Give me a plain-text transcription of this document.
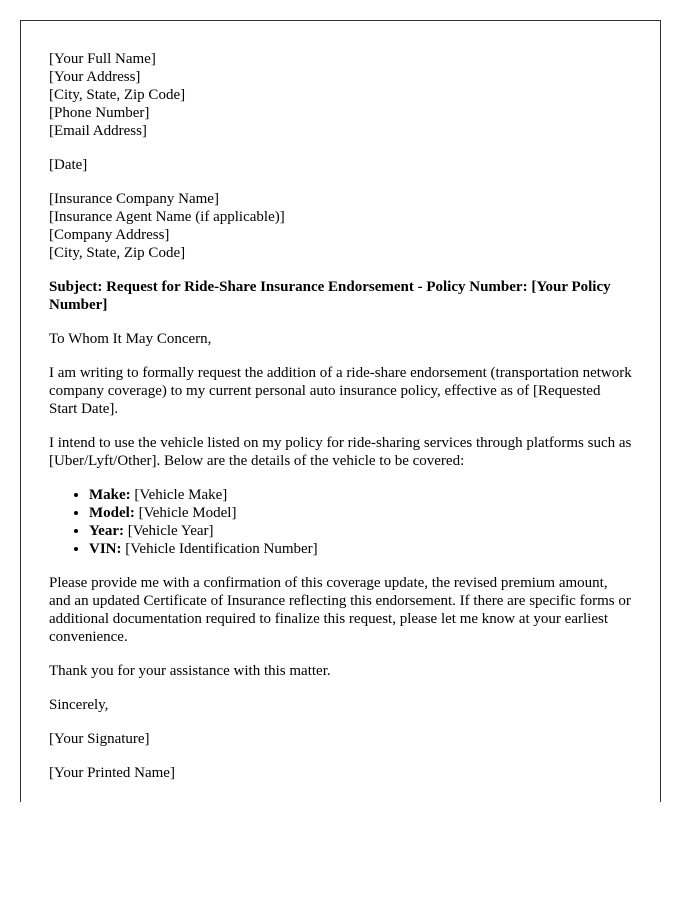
[Your Full Name]
[Your Address]
[City, State, Zip Code]
[Phone Number]
[Email Address]

[Date]

[Insurance Company Name]
[Insurance Agent Name (if applicable)]
[Company Address]
[City, State, Zip Code]

Subject: Request for Ride-Share Insurance Endorsement - Policy Number: [Your Policy Number]

To Whom It May Concern,

I am writing to formally request the addition of a ride-share endorsement (transportation network company coverage) to my current personal auto insurance policy, effective as of [Requested Start Date].

I intend to use the vehicle listed on my policy for ride-sharing services through platforms such as [Uber/Lyft/Other]. Below are the details of the vehicle to be covered:

• Make: [Vehicle Make]
• Model: [Vehicle Model]
• Year: [Vehicle Year]
• VIN: [Vehicle Identification Number]

Please provide me with a confirmation of this coverage update, the revised premium amount, and an updated Certificate of Insurance reflecting this endorsement. If there are specific forms or additional documentation required to finalize this request, please let me know at your earliest convenience.

Thank you for your assistance with this matter.

Sincerely,

[Your Signature]

[Your Printed Name]
